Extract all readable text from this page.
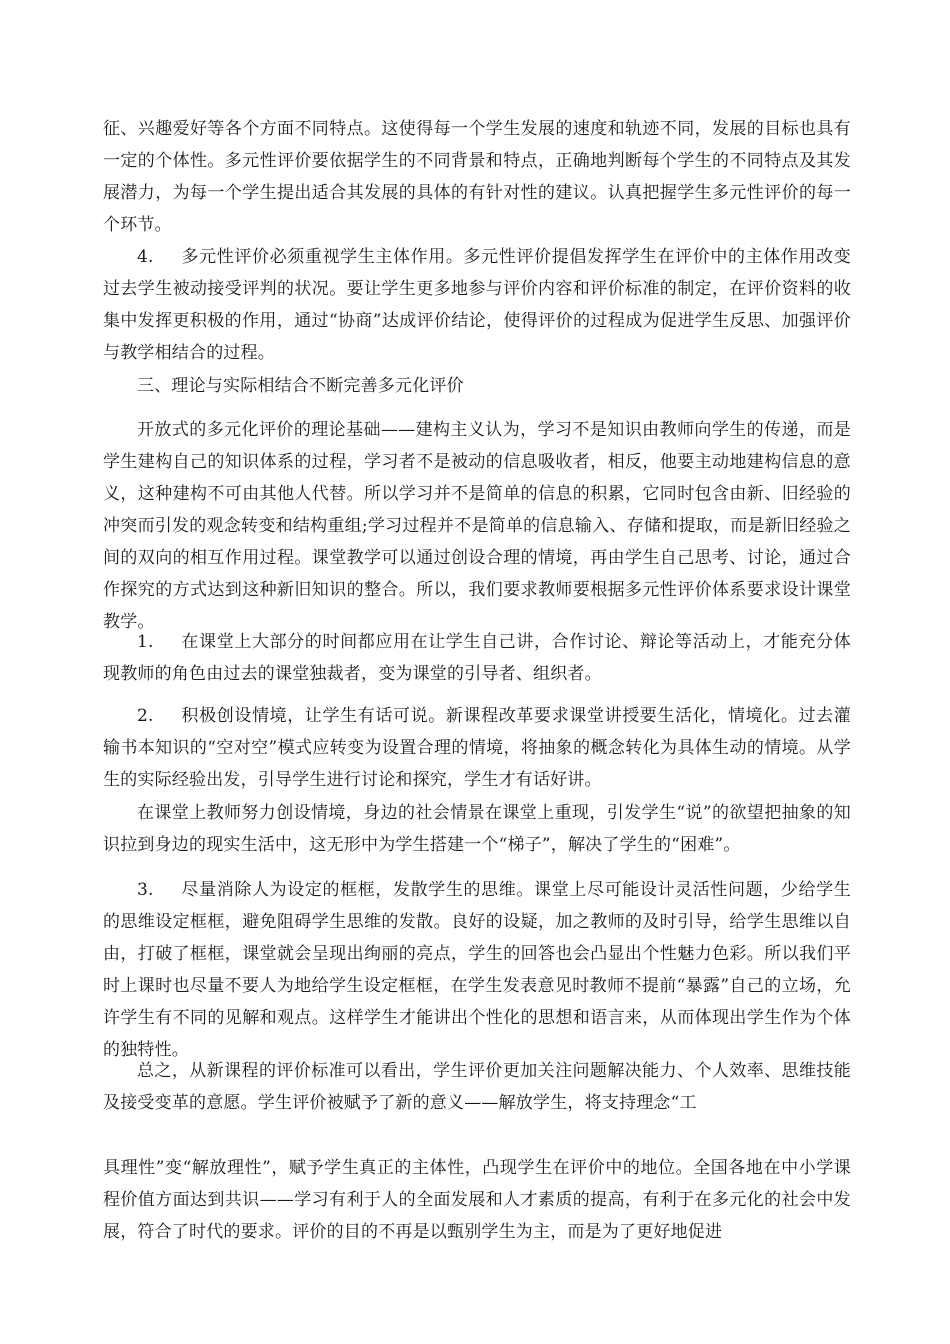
征、兴趣爱好等各个方面不同特点。这使得每一个学生发展的速度和轨迹不同，发展的目标也具有一定的个体性。多元性评价要依据学生的不同背景和特点，正确地判断每个学生的不同特点及其发展潜力，为每一个学生提出适合其发展的具体的有针对性的建议。认真把握学生多元性评价的每一个环节。

4. 多元性评价必须重视学生主体作用。多元性评价提倡发挥学生在评价中的主体作用改变过去学生被动接受评判的状况。要让学生更多地参与评价内容和评价标准的制定，在评价资料的收集中发挥更积极的作用，通过“协商”达成评价结论，使得评价的过程成为促进学生反思、加强评价与教学相结合的过程。

三、理论与实际相结合不断完善多元化评价

开放式的多元化评价的理论基础——建构主义认为，学习不是知识由教师向学生的传递，而是学生建构自己的知识体系的过程，学习者不是被动的信息吸收者，相反，他要主动地建构信息的意义，这种建构不可由其他人代替。所以学习并不是简单的信息的积累，它同时包含由新、旧经验的冲突而引发的观念转变和结构重组;学习过程并不是简单的信息输入、存储和提取，而是新旧经验之间的双向的相互作用过程。课堂教学可以通过创设合理的情境，再由学生自己思考、讨论，通过合作探究的方式达到这种新旧知识的整合。所以，我们要求教师要根据多元性评价体系要求设计课堂教学。

1. 在课堂上大部分的时间都应用在让学生自己讲，合作讨论、辩论等活动上，才能充分体现教师的角色由过去的课堂独裁者，变为课堂的引导者、组织者。

2. 积极创设情境，让学生有话可说。新课程改革要求课堂讲授要生活化，情境化。过去灌输书本知识的“空对空”模式应转变为设置合理的情境，将抽象的概念转化为具体生动的情境。从学生的实际经验出发，引导学生进行讨论和探究，学生才有话好讲。

在课堂上教师努力创设情境，身边的社会情景在课堂上重现，引发学生“说”的欲望把抽象的知识拉到身边的现实生活中，这无形中为学生搭建一个“梯子”，解决了学生的“困难”。

3. 尽量消除人为设定的框框，发散学生的思维。课堂上尽可能设计灵活性问题，少给学生的思维设定框框，避免阻碍学生思维的发散。良好的设疑，加之教师的及时引导，给学生思维以自由，打破了框框，课堂就会呈现出绚丽的亮点，学生的回答也会凸显出个性魅力色彩。所以我们平时上课时也尽量不要人为地给学生设定框框，在学生发表意见时教师不提前“暴露”自己的立场，允许学生有不同的见解和观点。这样学生才能讲出个性化的思想和语言来，从而体现出学生作为个体的独特性。

总之，从新课程的评价标准可以看出，学生评价更加关注问题解决能力、个人效率、思维技能及接受变革的意愿。学生评价被赋予了新的意义——解放学生，将支持理念“工

具理性”变“解放理性”，赋予学生真正的主体性，凸现学生在评价中的地位。全国各地在中小学课程价值方面达到共识——学习有利于人的全面发展和人才素质的提高，有利于在多元化的社会中发展，符合了时代的要求。评价的目的不再是以甄别学生为主，而是为了更好地促进
